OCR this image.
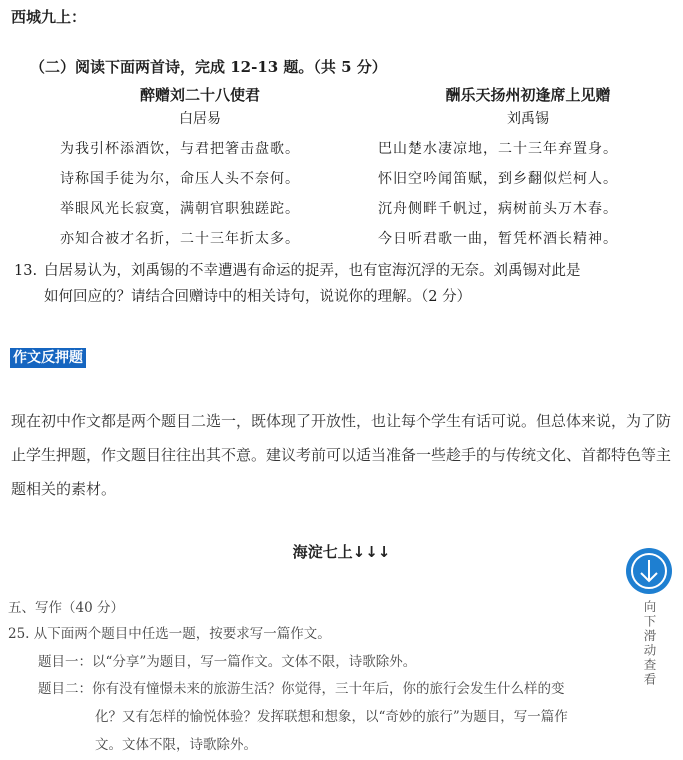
西城九上：
（二）阅读下面两首诗，完成 12-13 题。（共 5 分）
醉赠刘二十八使君
白居易
为我引杯添酒饮，与君把箸击盘歌。
诗称国手徒为尔，命压人头不奈何。
举眼风光长寂寞，满朝官职独蹉跎。
亦知合被才名折，二十三年折太多。
酬乐天扬州初逢席上见赠
刘禹锡
巴山楚水凄凉地，二十三年弃置身。
怀旧空吟闻笛赋，到乡翻似烂柯人。
沉舟侧畔千帆过，病树前头万木春。
今日听君歌一曲，暂凭杯酒长精神。
13. 白居易认为，刘禹锡的不幸遭遇有命运的捉弄，也有宦海沉浮的无奈。刘禹锡对此是
如何回应的？请结合回赠诗中的相关诗句，说说你的理解。（2 分）
作文反押题
现在初中作文都是两个题目二选一，既体现了开放性，也让每个学生有话可说。但总体来说，为了防止学生押题，作文题目往往出其不意。建议考前可以适当准备一些趁手的与传统文化、首都特色等主题相关的素材。
海淀七上↓↓↓
五、写作（40 分）
25. 从下面两个题目中任选一题，按要求写一篇作文。
题目一：以“分享”为题目，写一篇作文。文体不限，诗歌除外。
题目二：你有没有憧憬未来的旅游生活？你觉得，三十年后，你的旅行会发生什么样的变
化？又有怎样的愉悦体验？发挥联想和想象，以“奇妙的旅行”为题目，写一篇作
文。文体不限，诗歌除外。
向下滑动查看
